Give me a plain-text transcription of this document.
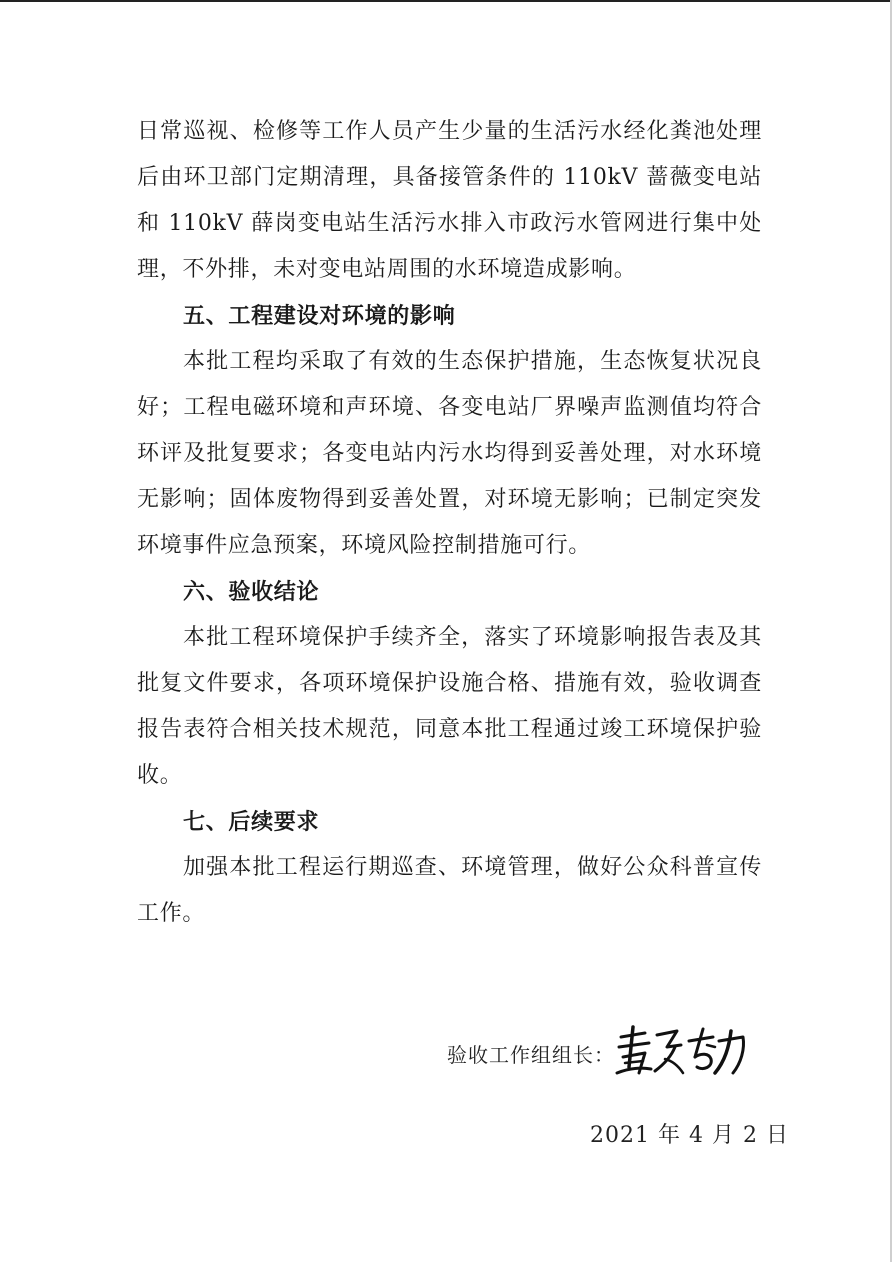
日常巡视、检修等工作人员产生少量的生活污水经化粪池处理后由环卫部门定期清理，具备接管条件的 110kV 蔷薇变电站和 110kV 薛岗变电站生活污水排入市政污水管网进行集中处理，不外排，未对变电站周围的水环境造成影响。

五、工程建设对环境的影响

本批工程均采取了有效的生态保护措施，生态恢复状况良好；工程电磁环境和声环境、各变电站厂界噪声监测值均符合环评及批复要求；各变电站内污水均得到妥善处理，对水环境无影响；固体废物得到妥善处置，对环境无影响；已制定突发环境事件应急预案，环境风险控制措施可行。

六、验收结论

本批工程环境保护手续齐全，落实了环境影响报告表及其批复文件要求，各项环境保护设施合格、措施有效，验收调查报告表符合相关技术规范，同意本批工程通过竣工环境保护验收。

七、后续要求

加强本批工程运行期巡查、环境管理，做好公众科普宣传工作。

验收工作组组长：
2021 年 4 月 2 日
